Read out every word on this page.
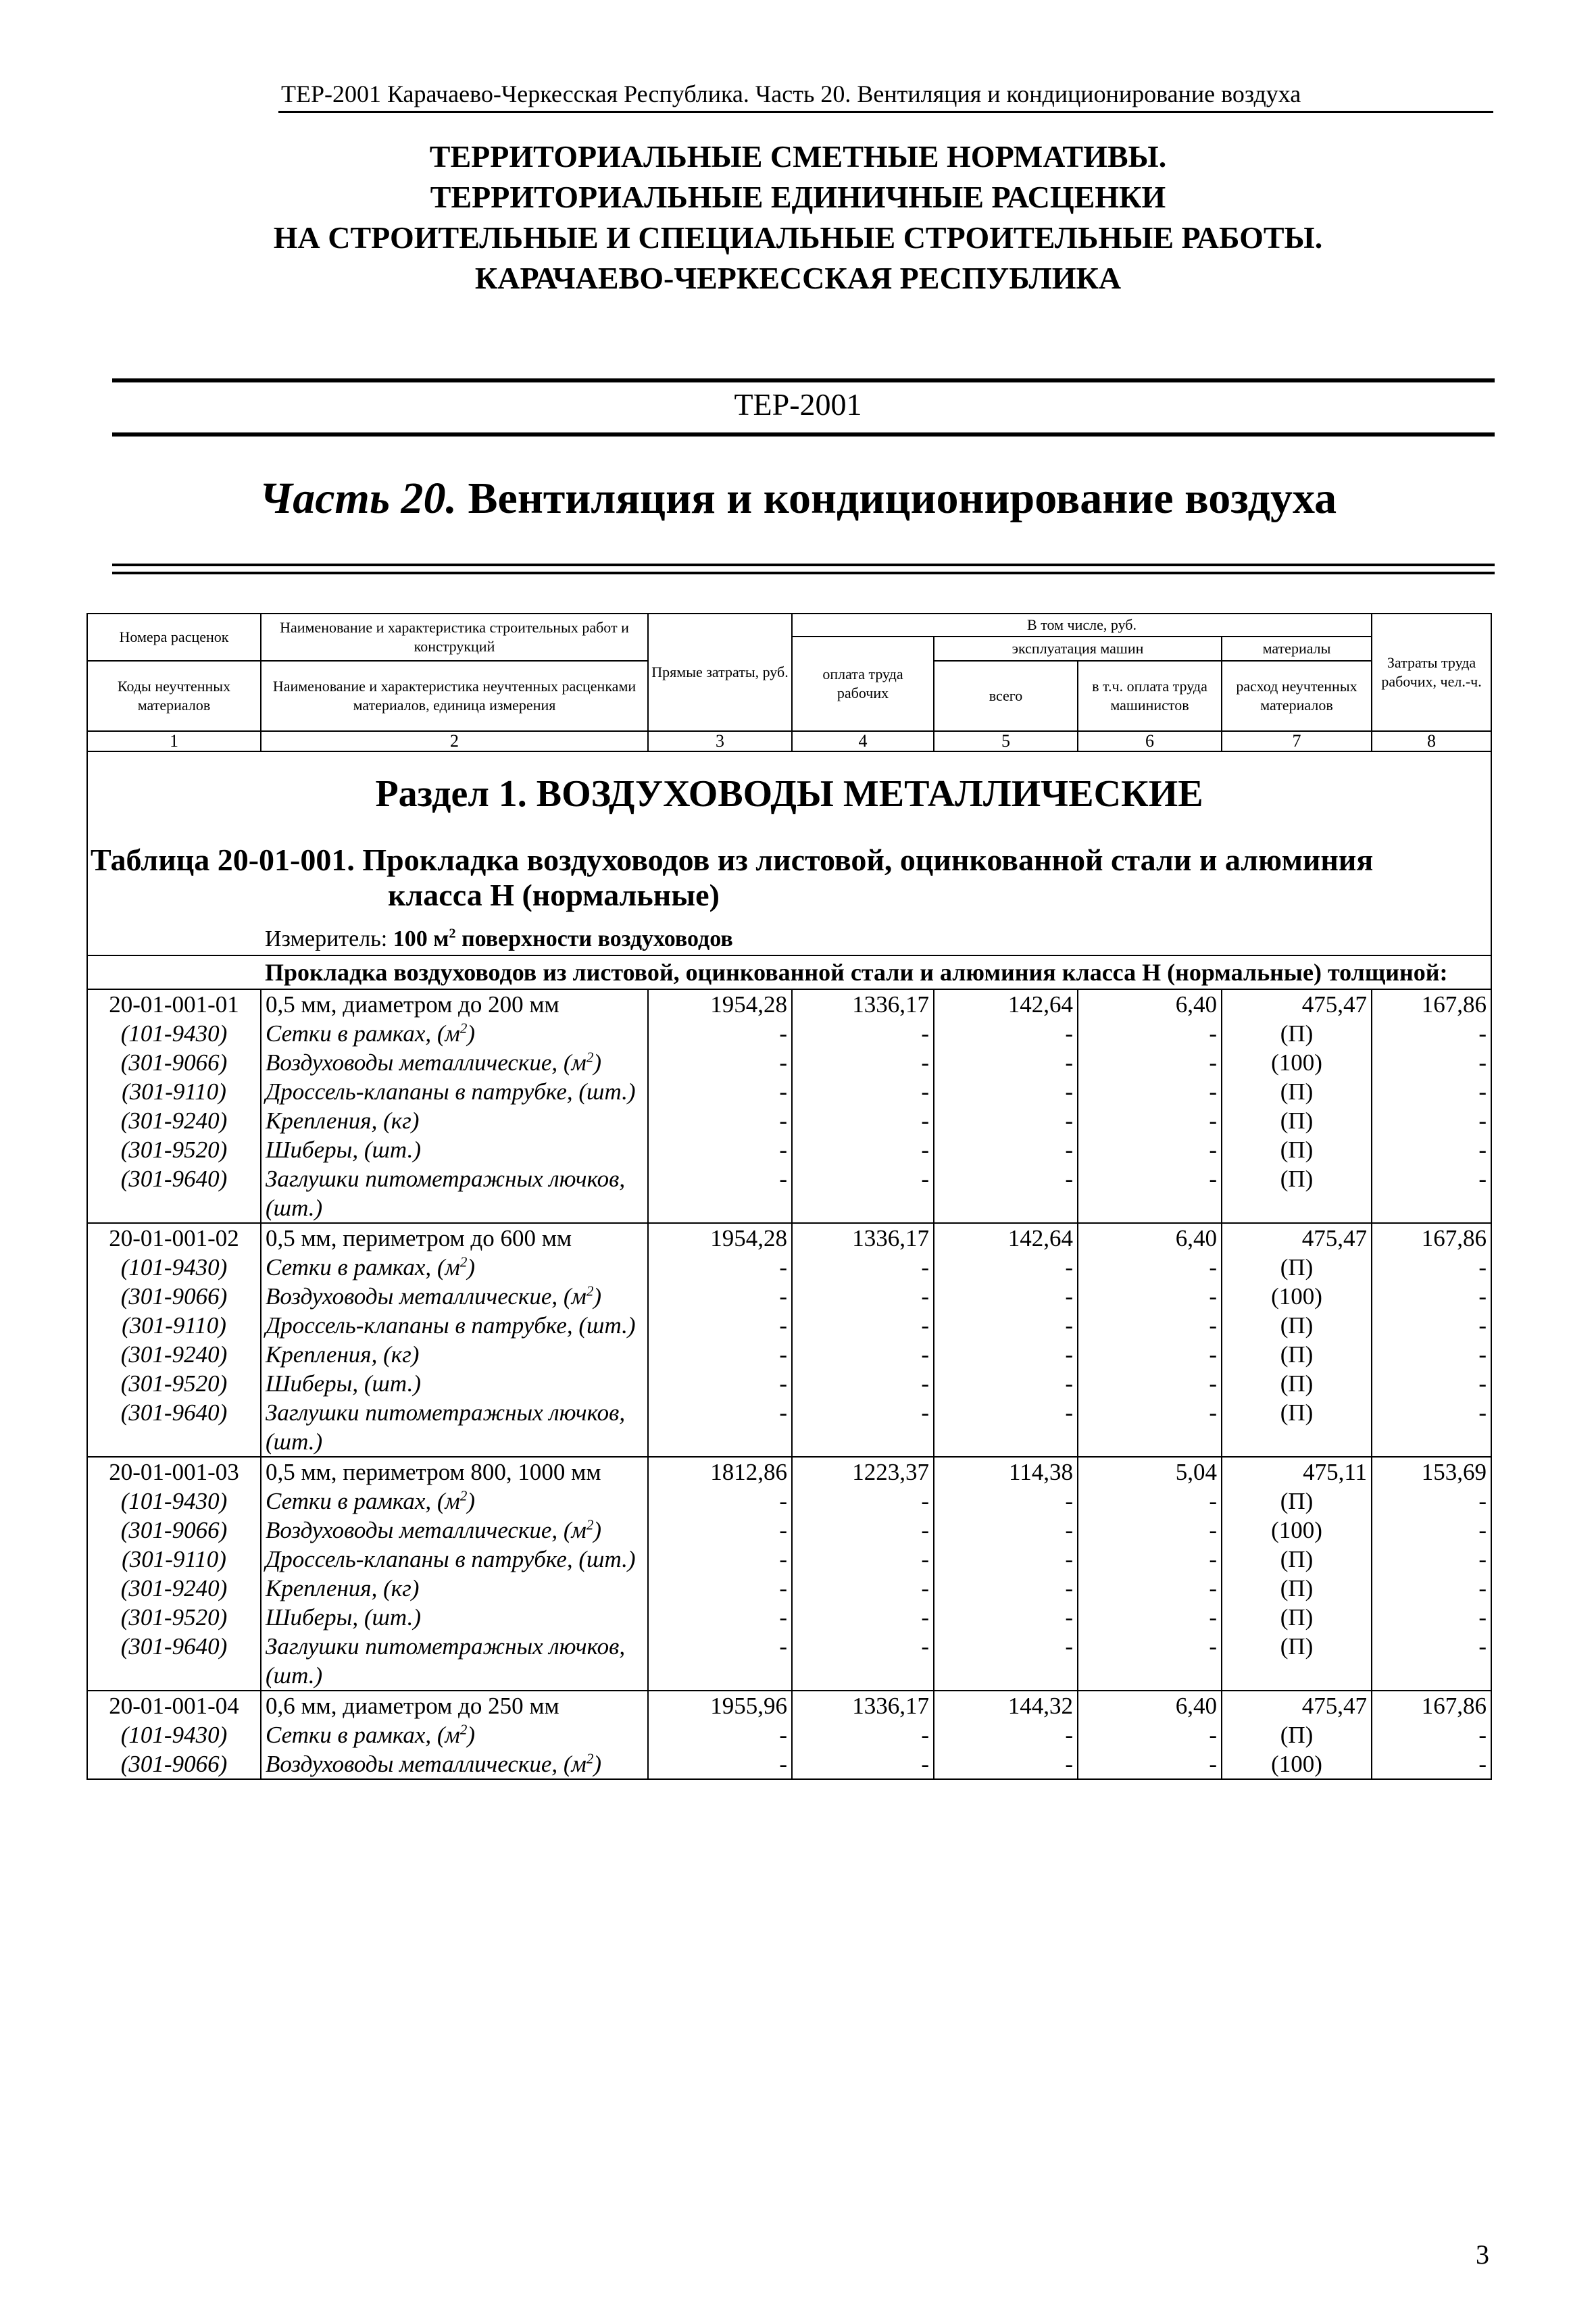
ТЕР-2001 Карачаево-Черкесская Республика. Часть 20. Вентиляция и кондиционирование воздуха
ТЕРРИТОРИАЛЬНЫЕ СМЕТНЫЕ НОРМАТИВЫ.
ТЕРРИТОРИАЛЬНЫЕ ЕДИНИЧНЫЕ РАСЦЕНКИ
НА СТРОИТЕЛЬНЫЕ И СПЕЦИАЛЬНЫЕ СТРОИТЕЛЬНЫЕ РАБОТЫ.
КАРАЧАЕВО-ЧЕРКЕССКАЯ РЕСПУБЛИКА
ТЕР-2001
Часть 20. Вентиляция и кондиционирование воздуха
Номера расценок	Наименование и характеристика строительных работ и конструкций	Прямые затраты, руб.	В том числе, руб.				Затраты труда рабочих, чел.-ч.
			оплата труда рабочих	эксплуатация машин		материалы	
Коды неучтенных материалов	Наименование и характеристика неучтенных расценками материалов, единица измерения			всего	в т.ч. оплата труда машинистов	расход неучтенных материалов	

1	2	3	4	5	6	7	8

Раздел 1. ВОЗДУХОВОДЫ МЕТАЛЛИЧЕСКИЕ
Таблица 20-01-001. Прокладка воздуховодов из листовой, оцинкованной стали и алюминия
класса Н (нормальные)
Измеритель: 100 $м^2$ поверхности воздуховодов							

Прокладка воздуховодов из листовой, оцинкованной стали и алюминия класса Н (нормальные) толщиной:							
20-01-001-01	0,5 мм, диаметром до 200 мм	1954,28	1336,17	142,64	6,40	475,47	167,86
(101-9430)	Сетки в рамках, $(м^2)$	-	-	-	-	(П)	-
(301-9066)	Воздуховоды металлические, $(м^2)$	-	-	-	-	(100)	-
(301-9110)	Дроссель-клапаны в патрубке, (шт.)	-	-	-	-	(П)	-
(301-9240)	Крепления, (кг)	-	-	-	-	(П)	-
(301-9520)	Шиберы, (шт.)	-	-	-	-	(П)	-
(301-9640)	Заглушки питометражных лючков, (шт.)	-	-	-	-	(П)	-
20-01-001-02	0,5 мм, периметром до 600 мм	1954,28	1336,17	142,64	6,40	475,47	167,86
(101-9430)	Сетки в рамках, $(м^2)$	-	-	-	-	(П)	-
(301-9066)	Воздуховоды металлические, $(м^2)$	-	-	-	-	(100)	-
(301-9110)	Дроссель-клапаны в патрубке, (шт.)	-	-	-	-	(П)	-
(301-9240)	Крепления, (кг)	-	-	-	-	(П)	-
(301-9520)	Шиберы, (шт.)	-	-	-	-	(П)	-
(301-9640)	Заглушки питометражных лючков, (шт.)	-	-	-	-	(П)	-
20-01-001-03	0,5 мм, периметром 800, 1000 мм	1812,86	1223,37	114,38	5,04	475,11	153,69
(101-9430)	Сетки в рамках, $(м^2)$	-	-	-	-	(П)	-
(301-9066)	Воздуховоды металлические, $(м^2)$	-	-	-	-	(100)	-
(301-9110)	Дроссель-клапаны в патрубке, (шт.)	-	-	-	-	(П)	-
(301-9240)	Крепления, (кг)	-	-	-	-	(П)	-
(301-9520)	Шиберы, (шт.)	-	-	-	-	(П)	-
(301-9640)	Заглушки питометражных лючков, (шт.)	-	-	-	-	(П)	-
20-01-001-04	0,6 мм, диаметром до 250 мм	1955,96	1336,17	144,32	6,40	475,47	167,86
(101-9430)	Сетки в рамках, $(м^2)$	-	-	-	-	(П)	-
(301-9066)	Воздуховоды металлические, $(м^2)$	-	-	-	-	(100)	-
3
